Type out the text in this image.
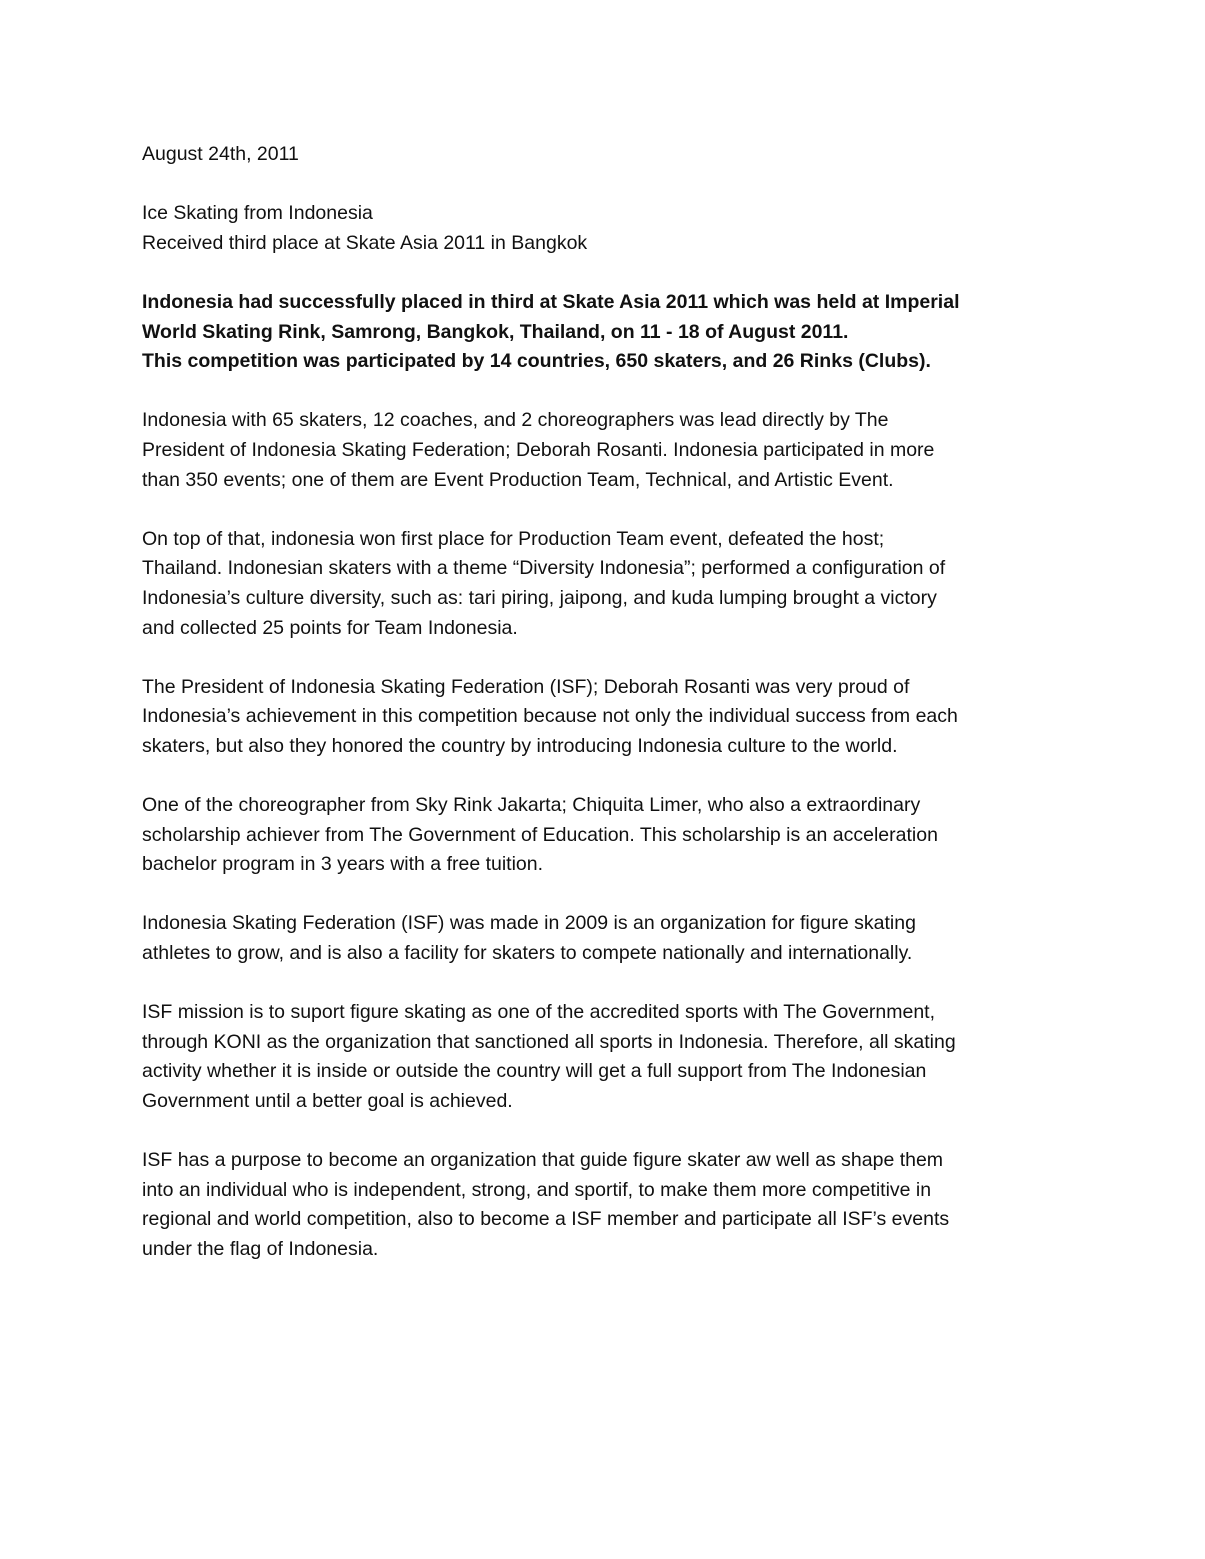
August 24th, 2011

Ice Skating from Indonesia
Received third place at Skate Asia 2011 in Bangkok

Indonesia had successfully placed in third at Skate Asia 2011 which was held at Imperial
World Skating Rink, Samrong, Bangkok, Thailand, on 11 - 18 of August 2011.
This competition was participated by 14 countries, 650 skaters, and 26 Rinks (Clubs).

Indonesia with 65 skaters, 12 coaches, and 2 choreographers was lead directly by The
President of Indonesia Skating Federation; Deborah Rosanti. Indonesia participated in more
than 350 events; one of them are Event Production Team, Technical, and Artistic Event.

On top of that, indonesia won first place for Production Team event, defeated the host;
Thailand. Indonesian skaters with a theme “Diversity Indonesia”; performed a configuration of
Indonesia’s culture diversity, such as: tari piring, jaipong, and kuda lumping brought a victory
and collected 25 points for Team Indonesia.

The President of Indonesia Skating Federation (ISF); Deborah Rosanti was very proud of
Indonesia’s achievement in this competition because not only the individual success from each
skaters, but also they honored the country by introducing Indonesia culture to the world.

One of the choreographer from Sky Rink Jakarta; Chiquita Limer, who also a extraordinary
scholarship achiever from The Government of Education. This scholarship is an acceleration
bachelor program in 3 years with a free tuition.

Indonesia Skating Federation (ISF) was made in 2009 is an organization for figure skating
athletes to grow, and is also a facility for skaters to compete nationally and internationally.

ISF mission is to suport figure skating as one of the accredited sports with The Government,
through KONI as the organization that sanctioned all sports in Indonesia. Therefore, all skating
activity whether it is inside or outside the country will get a full support from The Indonesian
Government until a better goal is achieved.

ISF has a purpose to become an organization that guide figure skater aw well as shape them
into an individual who is independent, strong, and sportif, to make them more competitive in
regional and world competition, also to become a ISF member and participate all ISF’s events
under the flag of Indonesia.
